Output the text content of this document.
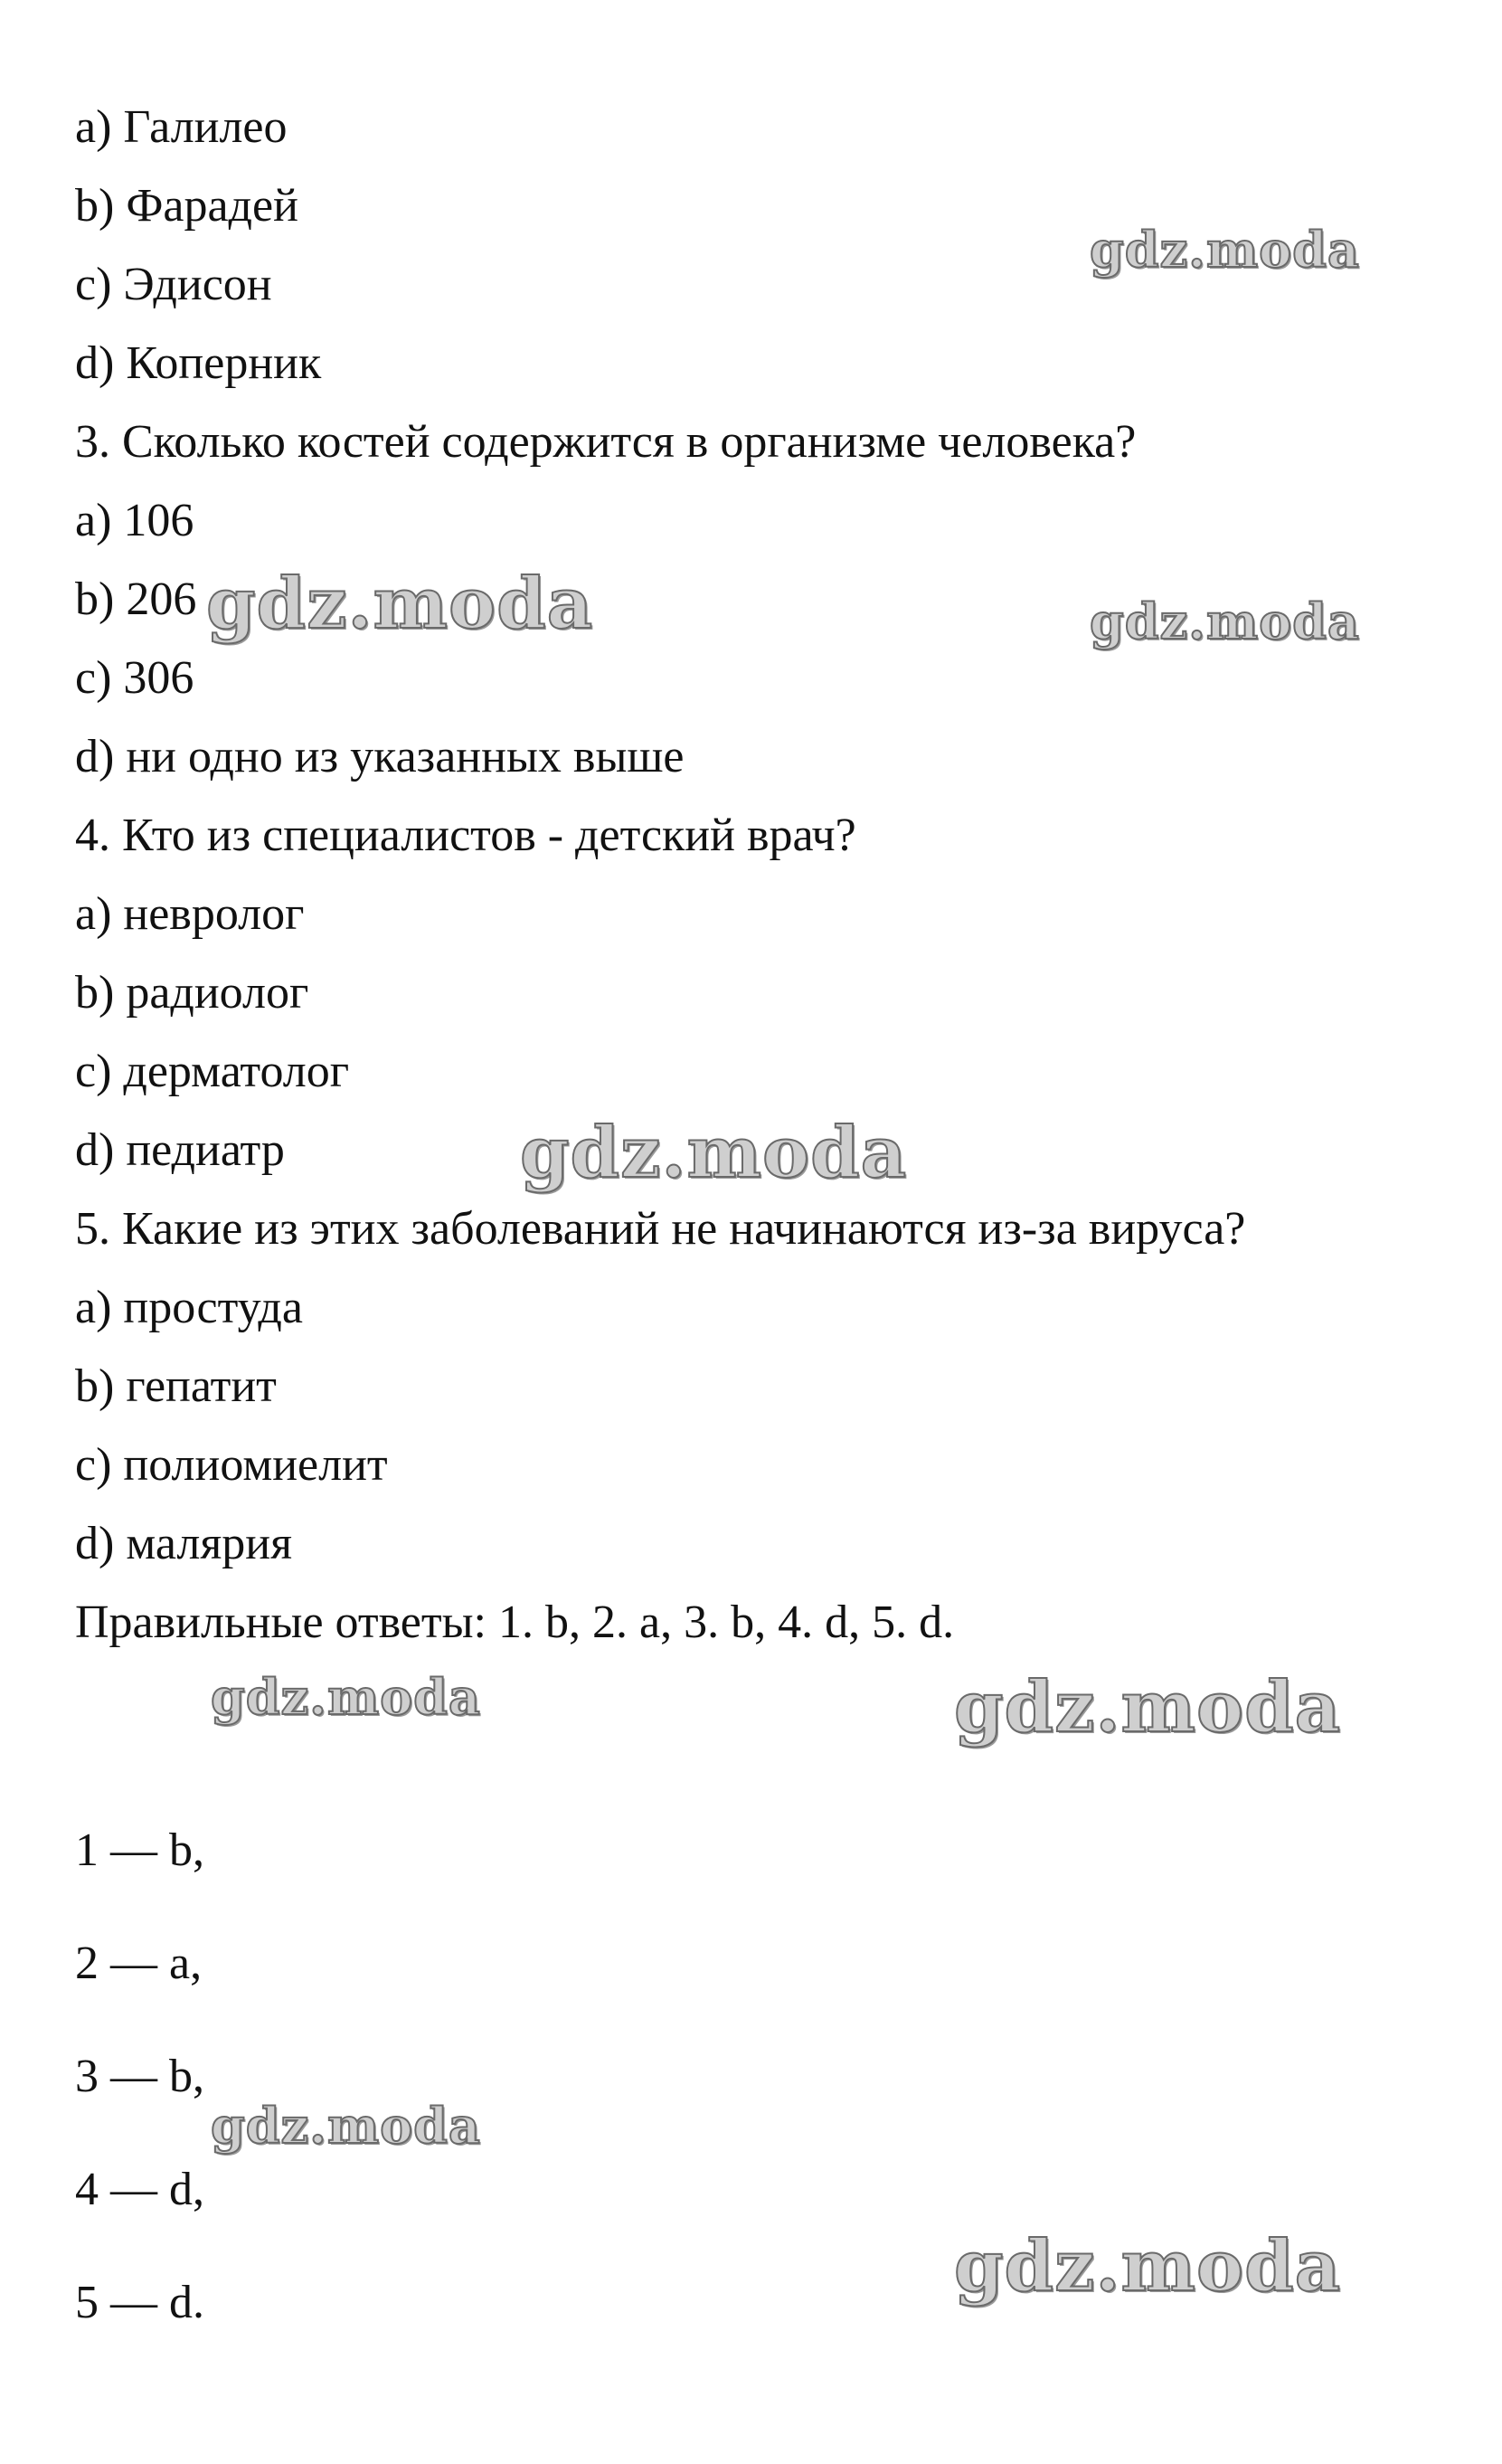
a) Галилео
b) Фарадей
c) Эдисон
d) Коперник
3. Сколько костей содержится в организме человека?
a) 106
b) 206
c) 306
d) ни одно из указанных выше
4. Кто из специалистов - детский врач?
a) невролог
b) радиолог
c) дерматолог
d) педиатр
5. Какие из этих заболеваний не начинаются из-за вируса?
a) простуда
b) гепатит
c) полиомиелит
d) малярия
Правильные ответы: 1. b, 2. a, 3. b, 4. d, 5. d.
1 — b,
2 — a,
3 — b,
4 — d,
5 — d.
gdz.moda
gdz.moda	gdz.moda
gdz.moda
gdz.moda	gdz.moda
gdz.moda
gdz.moda
